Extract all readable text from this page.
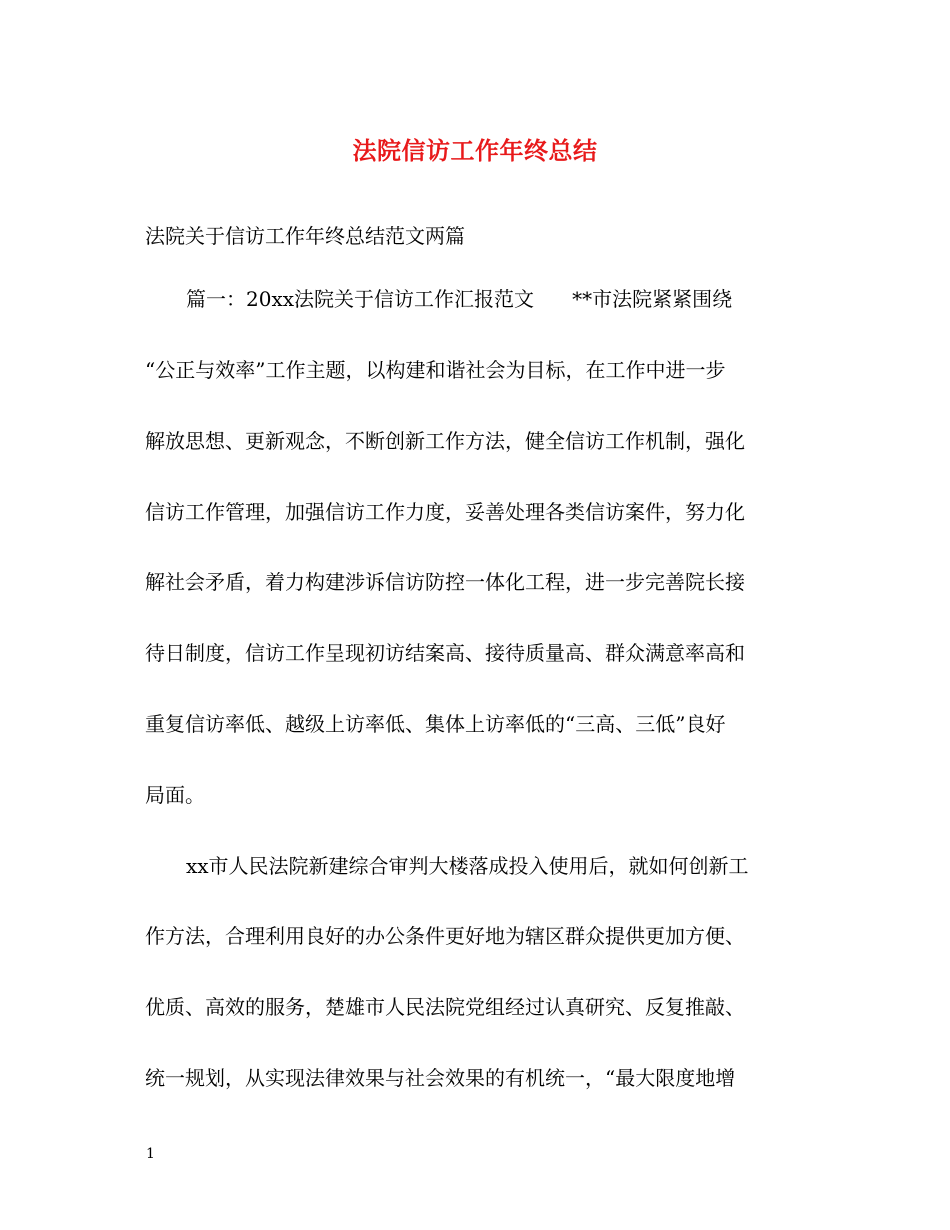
法院信访工作年终总结
法院关于信访工作年终总结范文两篇
篇一：20xx法院关于信访工作汇报范文      **市法院紧紧围绕
“公正与效率”工作主题，以构建和谐社会为目标，在工作中进一步
解放思想、更新观念，不断创新工作方法，健全信访工作机制，强化
信访工作管理，加强信访工作力度，妥善处理各类信访案件，努力化
解社会矛盾，着力构建涉诉信访防控一体化工程，进一步完善院长接
待日制度，信访工作呈现初访结案高、接待质量高、群众满意率高和
重复信访率低、越级上访率低、集体上访率低的“三高、三低”良好
局面。
xx市人民法院新建综合审判大楼落成投入使用后，就如何创新工
作方法，合理利用良好的办公条件更好地为辖区群众提供更加方便、
优质、高效的服务，楚雄市人民法院党组经过认真研究、反复推敲、
统一规划，从实现法律效果与社会效果的有机统一，“最大限度地增
1
